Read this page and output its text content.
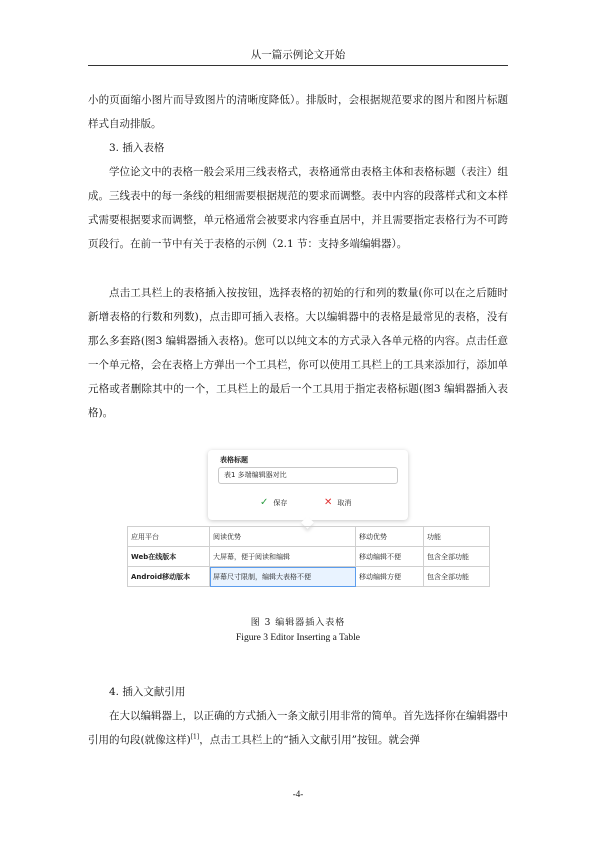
从一篇示例论文开始

小的页面缩小图片而导致图片的清晰度降低）。排版时，会根据规范要求的图片和图片标题样式自动排版。

3. 插入表格

学位论文中的表格一般会采用三线表格式，表格通常由表格主体和表格标题（表注）组成。三线表中的每一条线的粗细需要根据规范的要求而调整。表中内容的段落样式和文本样式需要根据要求而调整，单元格通常会被要求内容垂直居中，并且需要指定表格行为不可跨页段行。在前一节中有关于表格的示例（2.1 节：支持多端编辑器）。

点击工具栏上的表格插入按按钮，选择表格的初始的行和列的数量(你可以在之后随时新增表格的行数和列数)，点击即可插入表格。大以编辑器中的表格是最常见的表格，没有那么多套路(图3 编辑器插入表格)。您可以以纯文本的方式录入各单元格的内容。点击任意一个单元格，会在表格上方弹出一个工具栏，你可以使用工具栏上的工具来添加行，添加单元格或者删除其中的一个，工具栏上的最后一个工具用于指定表格标题(图3 编辑器插入表格)。

表格标题
表1 多端编辑器对比
✓ 保存	✕ 取消
应用平台	阅读优势	移动优势	功能
Web在线版本	大屏幕，便于阅读和编辑	移动编辑不便	包含全部功能
Android移动版本	屏幕尺寸限制，编辑大表格不便	移动编辑方便	包含全部功能
图 3 编辑器插入表格
Figure 3 Editor Inserting a Table

4. 插入文献引用

在大以编辑器上，以正确的方式插入一条文献引用非常的简单。首先选择你在编辑器中引用的句段(就像这样)[1]，点击工具栏上的“插入文献引用”按钮。就会弹

-4-
